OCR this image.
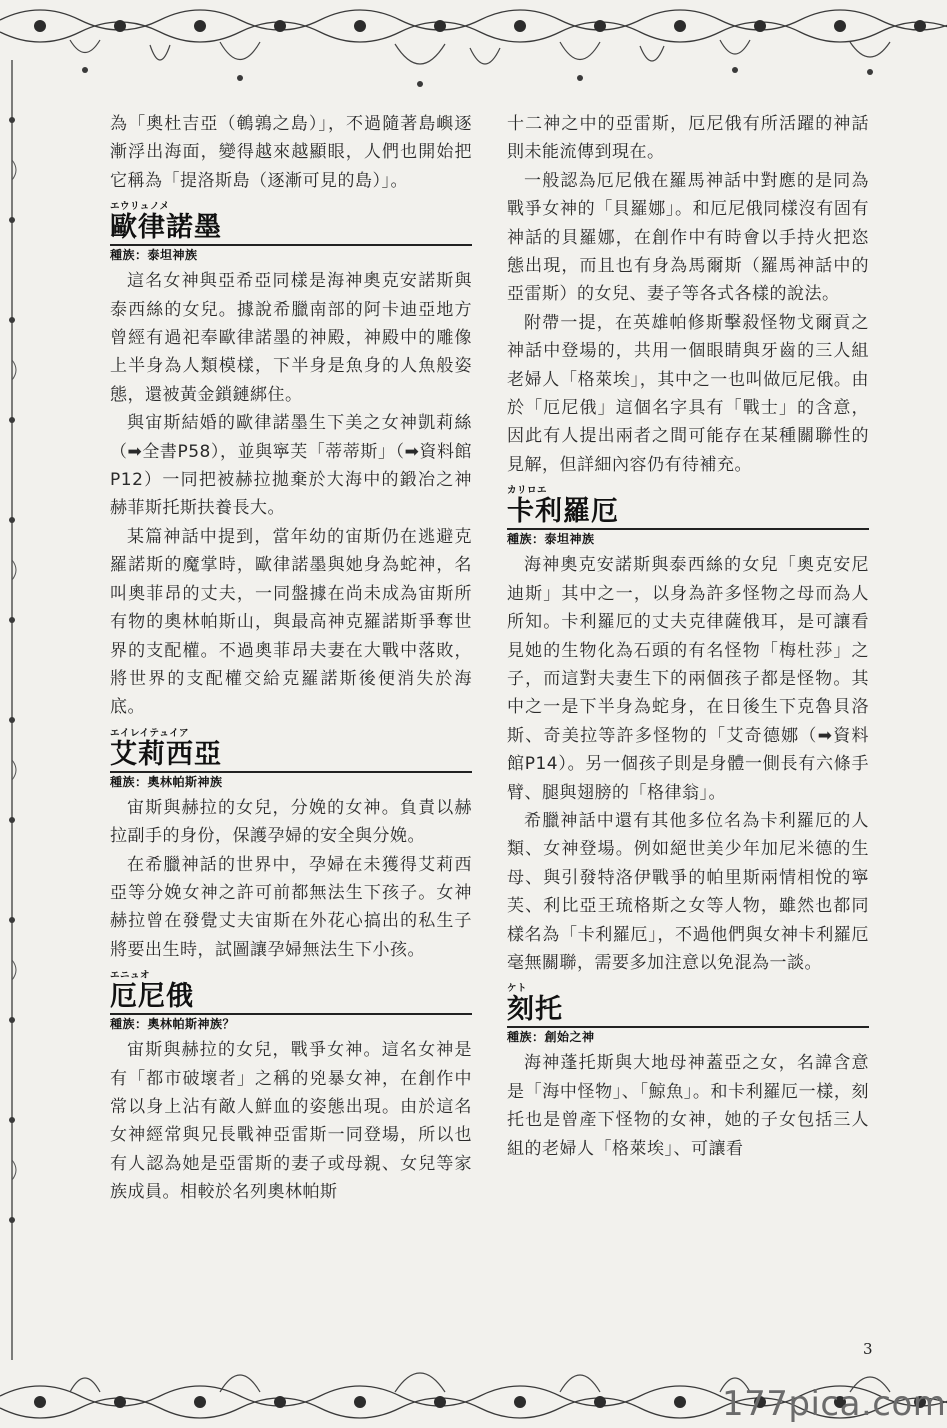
為「奧杜吉亞（鵪鶉之島）」，不過隨著島嶼逐漸浮出海面，變得越來越顯眼，人們也開始把它稱為「提洛斯島（逐漸可見的島）」。

エウリュノメ
歐律諾墨
種族：泰坦神族

這名女神與亞希亞同樣是海神奧克安諾斯與泰西絲的女兒。據說希臘南部的阿卡迪亞地方曾經有過祀奉歐律諾墨的神殿，神殿中的雕像上半身為人類模樣，下半身是魚身的人魚般姿態，還被黃金鎖鏈綁住。

與宙斯結婚的歐律諾墨生下美之女神凱莉絲（➡全書P58），並與寧芙「蒂蒂斯」（➡資料館P12）一同把被赫拉拋棄於大海中的鍛冶之神赫菲斯托斯扶養長大。

某篇神話中提到，當年幼的宙斯仍在逃避克羅諾斯的魔掌時，歐律諾墨與她身為蛇神，名叫奧菲昂的丈夫，一同盤據在尚未成為宙斯所有物的奧林帕斯山，與最高神克羅諾斯爭奪世界的支配權。不過奧菲昂夫妻在大戰中落敗，將世界的支配權交給克羅諾斯後便消失於海底。

エイレイテュイア
艾莉西亞
種族：奧林帕斯神族

宙斯與赫拉的女兒，分娩的女神。負責以赫拉副手的身份，保護孕婦的安全與分娩。

在希臘神話的世界中，孕婦在未獲得艾莉西亞等分娩女神之許可前都無法生下孩子。女神赫拉曾在發覺丈夫宙斯在外花心搞出的私生子將要出生時，試圖讓孕婦無法生下小孩。

エニュオ
厄尼俄
種族：奧林帕斯神族？

宙斯與赫拉的女兒，戰爭女神。這名女神是有「都市破壞者」之稱的兇暴女神，在創作中常以身上沾有敵人鮮血的姿態出現。由於這名女神經常與兄長戰神亞雷斯一同登場，所以也有人認為她是亞雷斯的妻子或母親、女兒等家族成員。相較於名列奧林帕斯

十二神之中的亞雷斯，厄尼俄有所活躍的神話則未能流傳到現在。

一般認為厄尼俄在羅馬神話中對應的是同為戰爭女神的「貝羅娜」。和厄尼俄同樣沒有固有神話的貝羅娜，在創作中有時會以手持火把恣態出現，而且也有身為馬爾斯（羅馬神話中的亞雷斯）的女兒、妻子等各式各樣的說法。

附帶一提，在英雄帕修斯擊殺怪物戈爾貢之神話中登場的，共用一個眼睛與牙齒的三人組老婦人「格萊埃」，其中之一也叫做厄尼俄。由於「厄尼俄」這個名字具有「戰士」的含意，因此有人提出兩者之間可能存在某種關聯性的見解，但詳細內容仍有待補充。

カリロエ
卡利羅厄
種族：泰坦神族

海神奧克安諾斯與泰西絲的女兒「奧克安尼迪斯」其中之一，以身為許多怪物之母而為人所知。卡利羅厄的丈夫克律薩俄耳，是可讓看見她的生物化為石頭的有名怪物「梅杜莎」之子，而這對夫妻生下的兩個孩子都是怪物。其中之一是下半身為蛇身，在日後生下克魯貝洛斯、奇美拉等許多怪物的「艾奇德娜（➡資料館P14）。另一個孩子則是身體一側長有六條手臂、腿與翅膀的「格律翁」。

希臘神話中還有其他多位名為卡利羅厄的人類、女神登場。例如絕世美少年加尼米德的生母、與引發特洛伊戰爭的帕里斯兩情相悅的寧芙、利比亞王琉格斯之女等人物，雖然也都同樣名為「卡利羅厄」，不過他們與女神卡利羅厄毫無關聯，需要多加注意以免混為一談。

ケト
刻托
種族：創始之神

海神蓬托斯與大地母神蓋亞之女，名諱含意是「海中怪物」、「鯨魚」。和卡利羅厄一樣，刻托也是曾產下怪物的女神，她的子女包括三人組的老婦人「格萊埃」、可讓看

3
177pica.com
